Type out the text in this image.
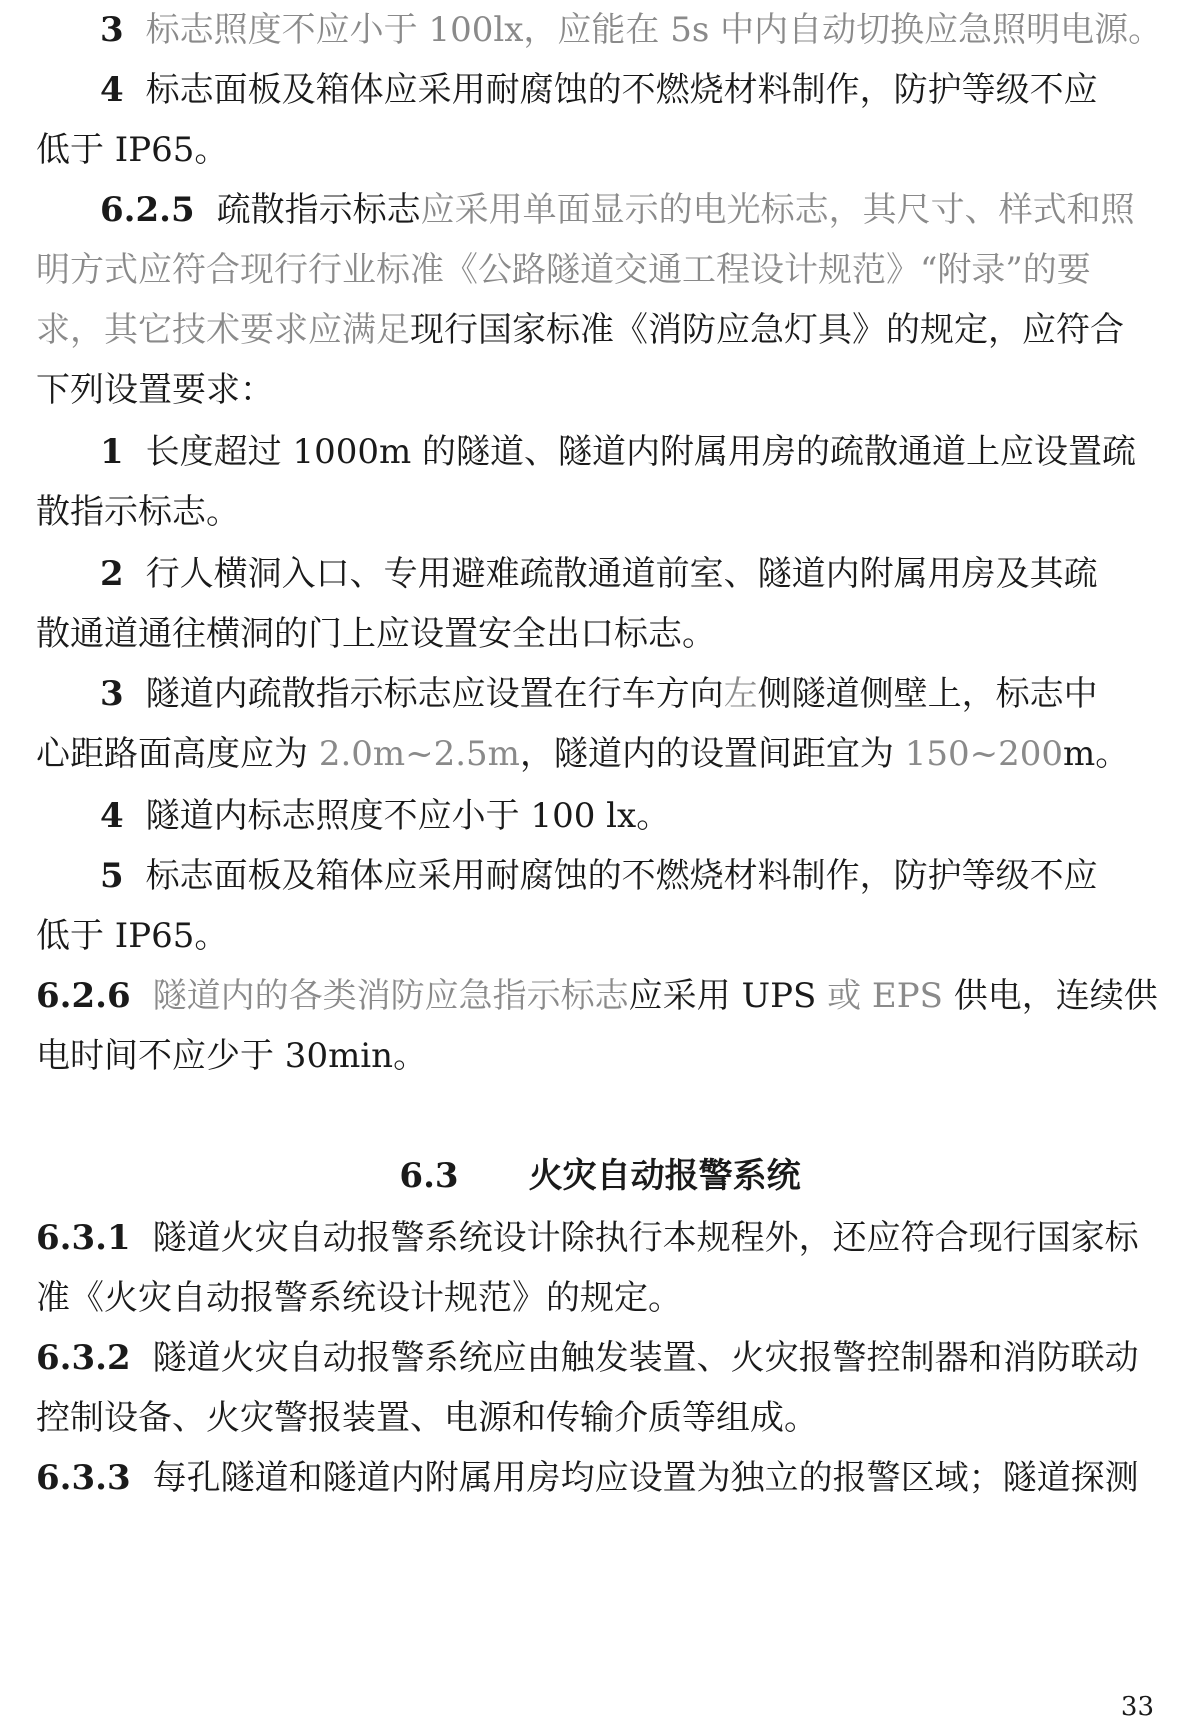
3 标志照度不应小于 100lx，应能在 5s 中内自动切换应急照明电源。
4 标志面板及箱体应采用耐腐蚀的不燃烧材料制作，防护等级不应
低于 IP65。
6.2.5 疏散指示标志应采用单面显示的电光标志，其尺寸、样式和照
明方式应符合现行行业标准《公路隧道交通工程设计规范》“附录”的要
求，其它技术要求应满足现行国家标准《消防应急灯具》的规定，应符合
下列设置要求：
1 长度超过 1000m 的隧道、隧道内附属用房的疏散通道上应设置疏
散指示标志。
2 行人横洞入口、专用避难疏散通道前室、隧道内附属用房及其疏
散通道通往横洞的门上应设置安全出口标志。
3 隧道内疏散指示标志应设置在行车方向左侧隧道侧壁上，标志中
心距路面高度应为 2.0m~2.5m，隧道内的设置间距宜为 150~200m。
4 隧道内标志照度不应小于 100 lx。
5 标志面板及箱体应采用耐腐蚀的不燃烧材料制作，防护等级不应
低于 IP65。
6.2.6 隧道内的各类消防应急指示标志应采用 UPS 或 EPS 供电，连续供
电时间不应少于 30min。
6.3 火灾自动报警系统
6.3.1 隧道火灾自动报警系统设计除执行本规程外，还应符合现行国家标
准《火灾自动报警系统设计规范》的规定。
6.3.2 隧道火灾自动报警系统应由触发装置、火灾报警控制器和消防联动
控制设备、火灾警报装置、电源和传输介质等组成。
6.3.3 每孔隧道和隧道内附属用房均应设置为独立的报警区域；隧道探测
33
